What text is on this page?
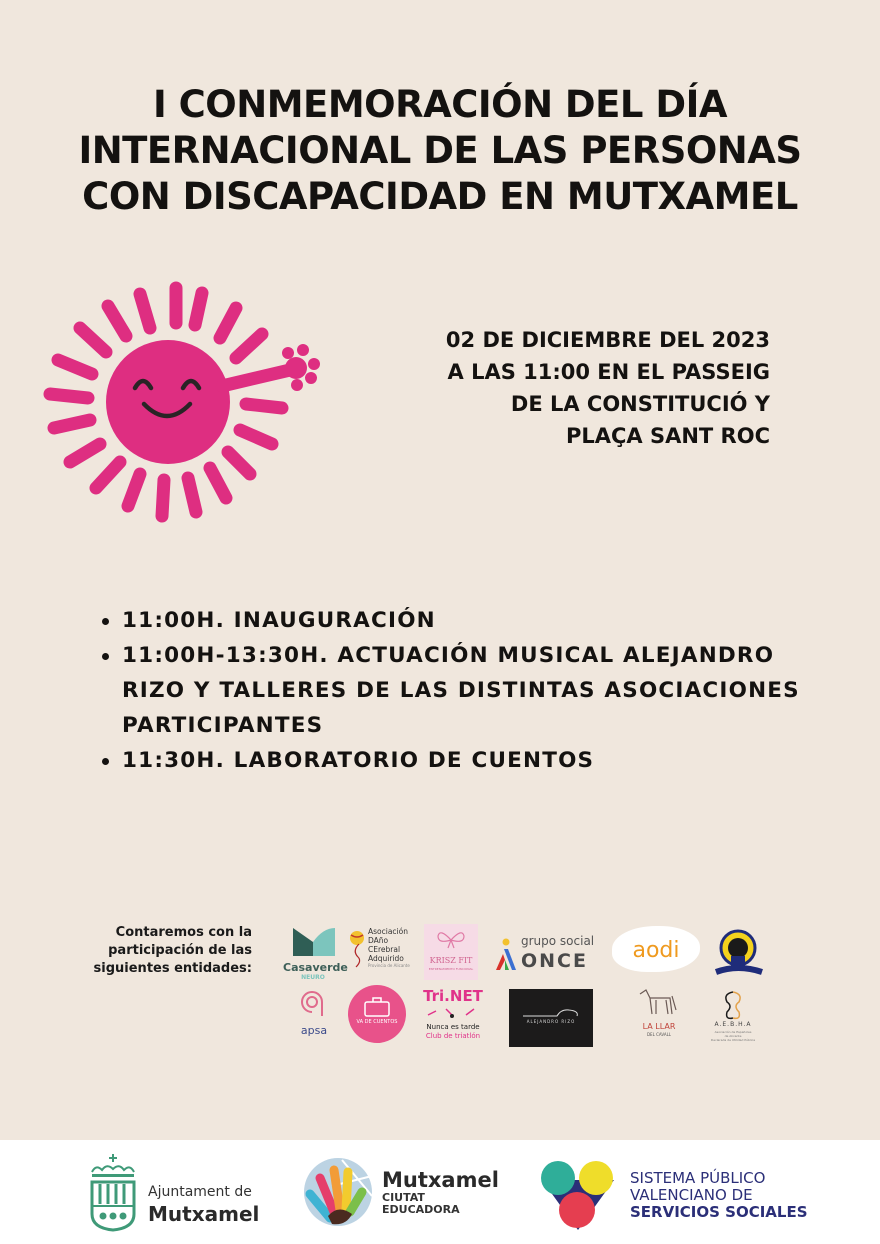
I CONMEMORACIÓN DEL DÍA
INTERNACIONAL DE LAS PERSONAS
CON DISCAPACIDAD EN MUTXAMEL
02 DE DICIEMBRE DEL 2023
A LAS 11:00 EN EL PASSEIG
DE LA CONSTITUCIÓ Y
PLAÇA SANT ROC
11:00H. INAUGURACIÓN
11:00H-13:30H. ACTUACIÓN MUSICAL ALEJANDRO RIZO Y TALLERES DE LAS DISTINTAS ASOCIACIONES PARTICIPANTES
11:30H. LABORATORIO DE CUENTOS
Contaremos con la
participación de las
siguientes entidades:	Casaverde
NEURO
Asociación
DAño
CErebral
Adquirido
Provincia de Alicante
KRISZ FIT
ENTRENAMIENTO FUNCIONAL
grupo social
ONCE	aodi
apsa
VA DE CUENTOS
Tri.NET
Nunca es tarde
Club de triatlón
ALEJANDRO RIZO
LA LLAR
DEL CAVALL
A.E.B.H.A
Asociación de Españoles
de Alicante
Declarada de Utilidad Pública
Ajuntament de
Mutxamel
Mutxamel
CIUTAT
EDUCADORA
SISTEMA PÚBLICO
VALENCIANO DE
SERVICIOS SOCIALES
